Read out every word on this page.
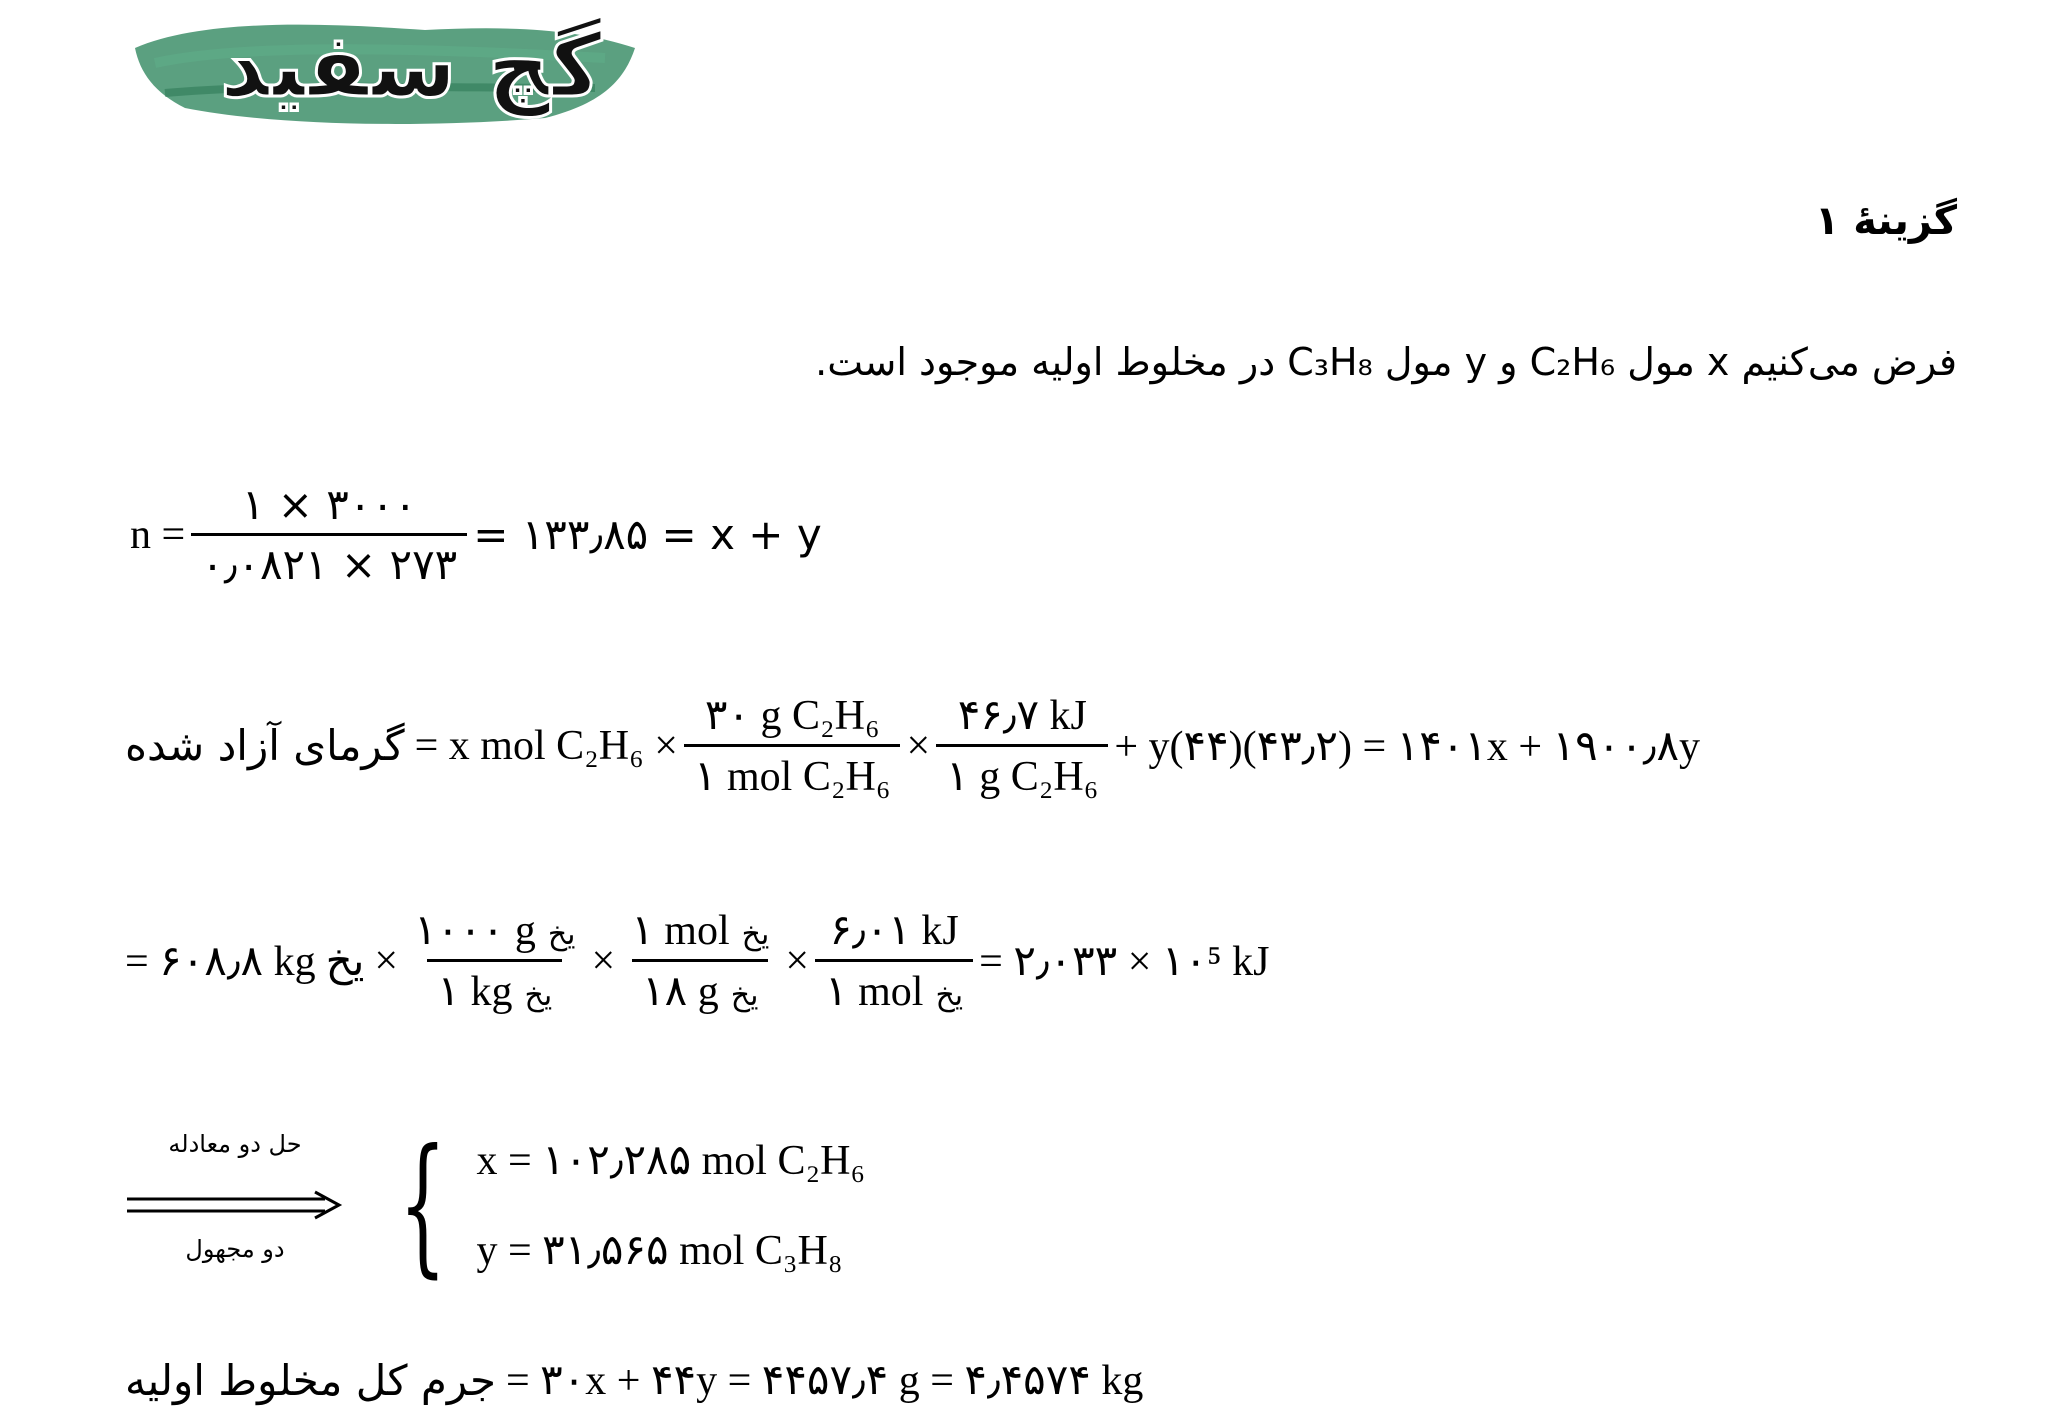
گچ سفید
گزینهٔ ۱
فرض می‌کنیم x مول C₂H₆ و y مول C₃H₈ در مخلوط اولیه موجود است.
$n = \frac{۱ \times ۳۰۰۰}{۰٫۰۸۲۱ \times ۲۷۳}$ = ۱۳۳٫۸۵ = x + y
گرمای آزاد شده = x mol $C_2H_6 \times \frac{\text{۳۰ g C₂H₆}}{\text{۱ mol C₂H₆}} \times \frac{۴۶٫۷ kJ}{\text{۱ g C₂H₆}}$ + y(۴۴)(۴۳٫۲) = ۱۴۰۱x + ۱۹۰۰٫۸y
= ۶۰۸٫۸ kg یخ × $\frac{\text{۱۰۰۰ g یخ}}{\text{۱ kg یخ}} \times \frac{\text{۱ mol یخ}}{\text{۱۸ g یخ}} \times \frac{۶٫۰۱ kJ}{\text{۱ mol یخ}}$ = ۲٫۰۳۳ × ۱۰⁵ kJ
حل دو معادله
دو مجهول { x = ۱۰۲٫۲۸۵ mol C₂H₆
y = ۳۱٫۵۶۵ mol C₃H₈
جرم کل مخلوط اولیه = ۳۰x + ۴۴y = ۴۴۵۷٫۴ g = ۴٫۴۵۷۴ kg
